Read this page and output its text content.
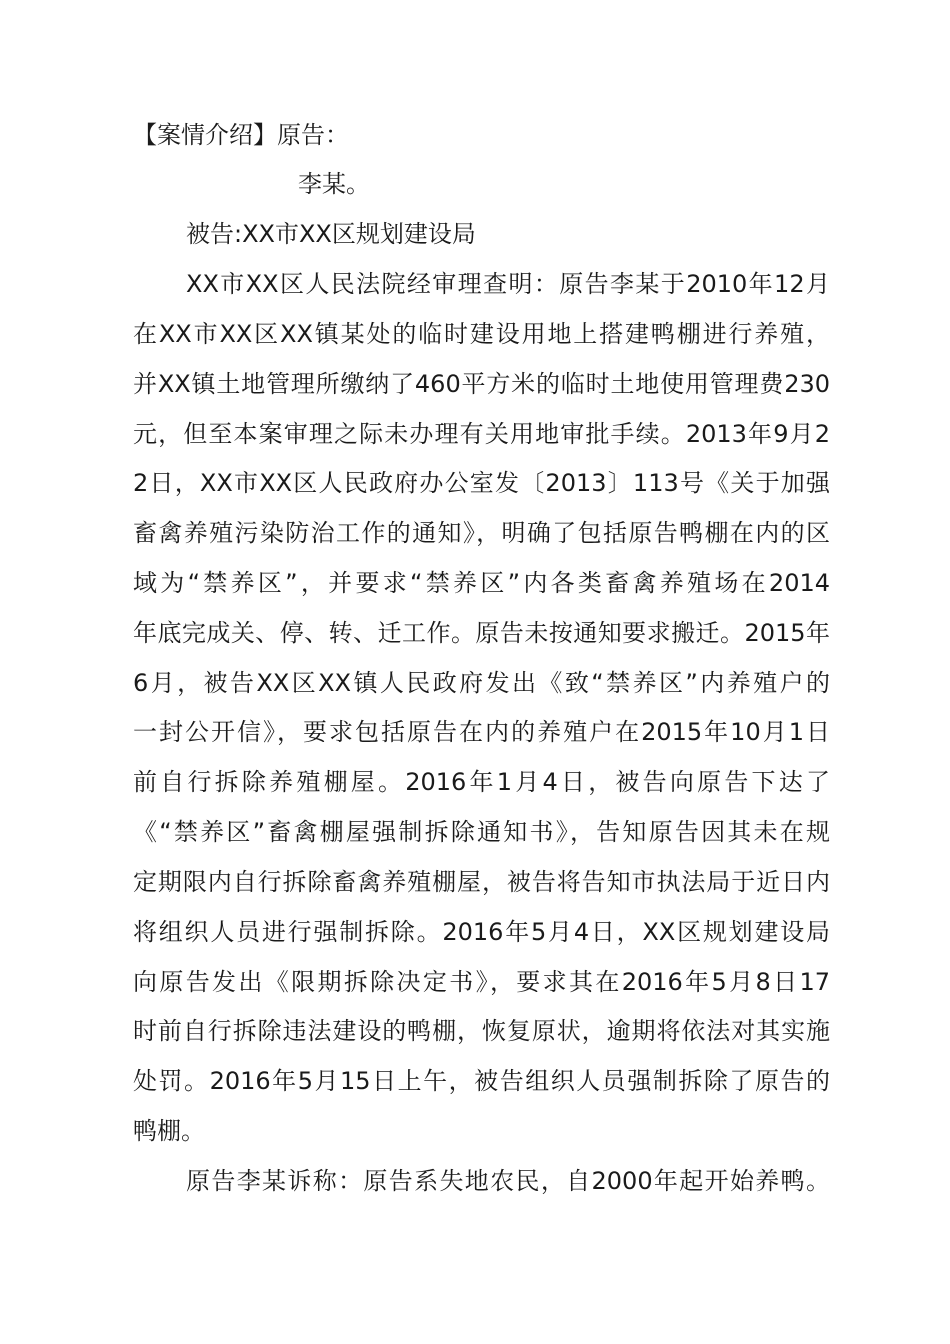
【案情介绍】原告：
李某。
被告:XX市XX区规划建设局
XX市XX区人民法院经审理查明：原告李某于2010年12月
在XX市XX区XX镇某处的临时建设用地上搭建鸭棚进行养殖，
并XX镇土地管理所缴纳了460平方米的临时土地使用管理费230
元，但至本案审理之际未办理有关用地审批手续。2013年9月2
2日，XX市XX区人民政府办公室发〔2013〕113号《关于加强
畜禽养殖污染防治工作的通知》，明确了包括原告鸭棚在内的区
域为“禁养区”，并要求“禁养区”内各类畜禽养殖场在2014
年底完成关、停、转、迁工作。原告未按通知要求搬迁。2015年
6月，被告XX区XX镇人民政府发出《致“禁养区”内养殖户的
一封公开信》，要求包括原告在内的养殖户在2015年10月1日
前自行拆除养殖棚屋。2016年1月4日，被告向原告下达了
《“禁养区”畜禽棚屋强制拆除通知书》，告知原告因其未在规
定期限内自行拆除畜禽养殖棚屋，被告将告知市执法局于近日内
将组织人员进行强制拆除。2016年5月4日，XX区规划建设局
向原告发出《限期拆除决定书》，要求其在2016年5月8日17
时前自行拆除违法建设的鸭棚，恢复原状，逾期将依法对其实施
处罚。2016年5月15日上午，被告组织人员强制拆除了原告的
鸭棚。
原告李某诉称：原告系失地农民，自2000年起开始养鸭。
